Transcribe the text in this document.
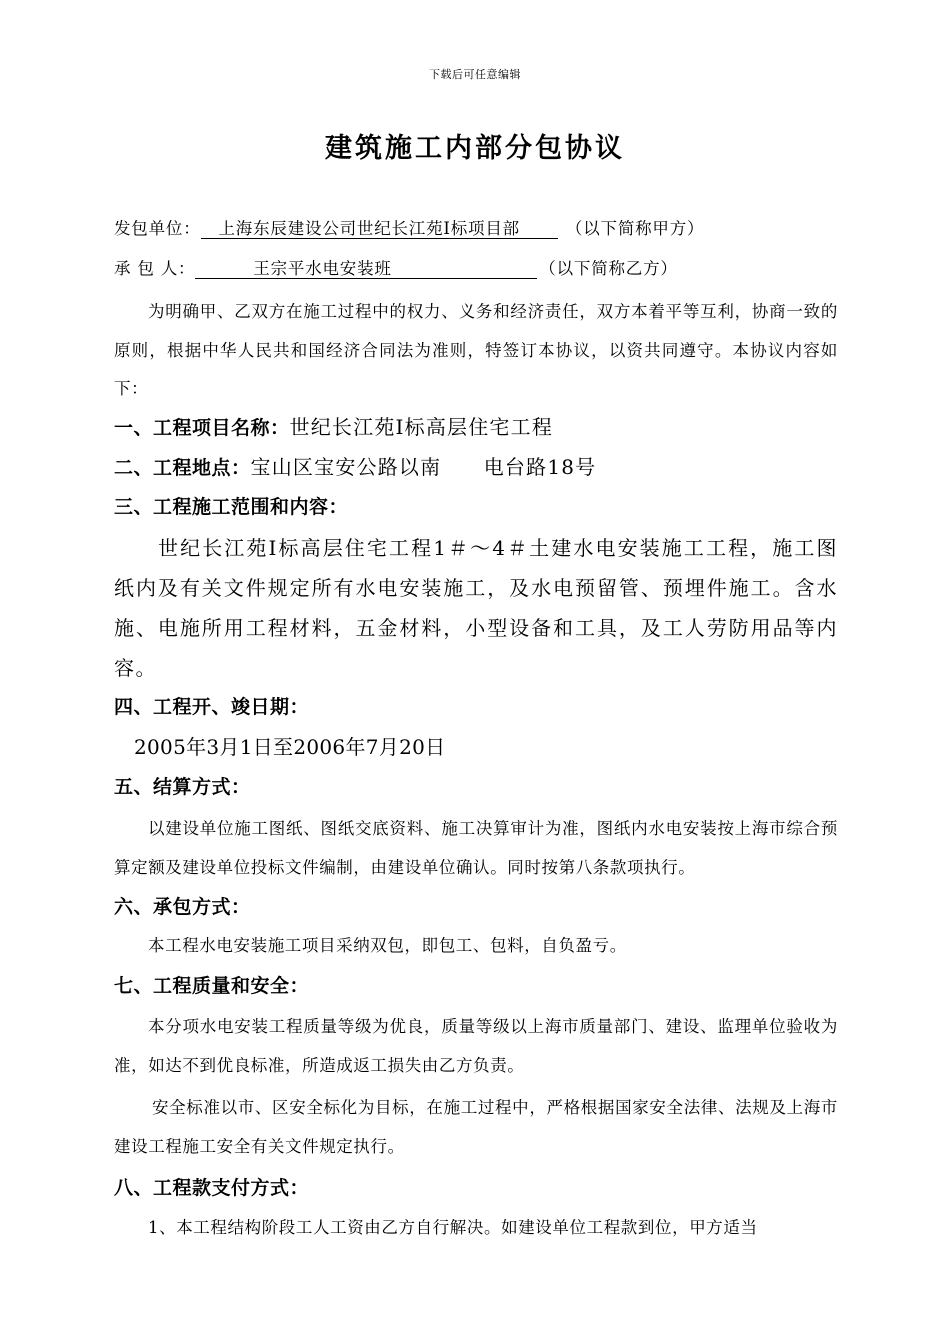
下载后可任意编辑
建筑施工内部分包协议
发包单位： 上海东辰建设公司世纪长江苑Ⅰ标项目部	（以下简称甲方）
承 包 人：	王宗平水电安装班	（以下简称乙方）
为明确甲、乙双方在施工过程中的权力、义务和经济责任，双方本着平等互利，协商一致的原则，根据中华人民共和国经济合同法为准则，特签订本协议，以资共同遵守。本协议内容如下：
一、工程项目名称：世纪长江苑Ⅰ标高层住宅工程
二、工程地点：宝山区宝安公路以南　　电台路18号
三、工程施工范围和内容：
世纪长江苑Ⅰ标高层住宅工程1＃～4＃土建水电安装施工工程，施工图纸内及有关文件规定所有水电安装施工，及水电预留管、预埋件施工。含水施、电施所用工程材料，五金材料，小型设备和工具，及工人劳防用品等内容。
四、工程开、竣日期：
2005年3月1日至2006年7月20日
五、结算方式：
以建设单位施工图纸、图纸交底资料、施工决算审计为准，图纸内水电安装按上海市综合预算定额及建设单位投标文件编制，由建设单位确认。同时按第八条款项执行。
六、承包方式：
本工程水电安装施工项目采纳双包，即包工、包料，自负盈亏。
七、工程质量和安全：
本分项水电安装工程质量等级为优良，质量等级以上海市质量部门、建设、监理单位验收为准，如达不到优良标准，所造成返工损失由乙方负责。
安全标准以市、区安全标化为目标，在施工过程中，严格根据国家安全法律、法规及上海市建设工程施工安全有关文件规定执行。
八、工程款支付方式：
1、本工程结构阶段工人工资由乙方自行解决。如建设单位工程款到位，甲方适当
